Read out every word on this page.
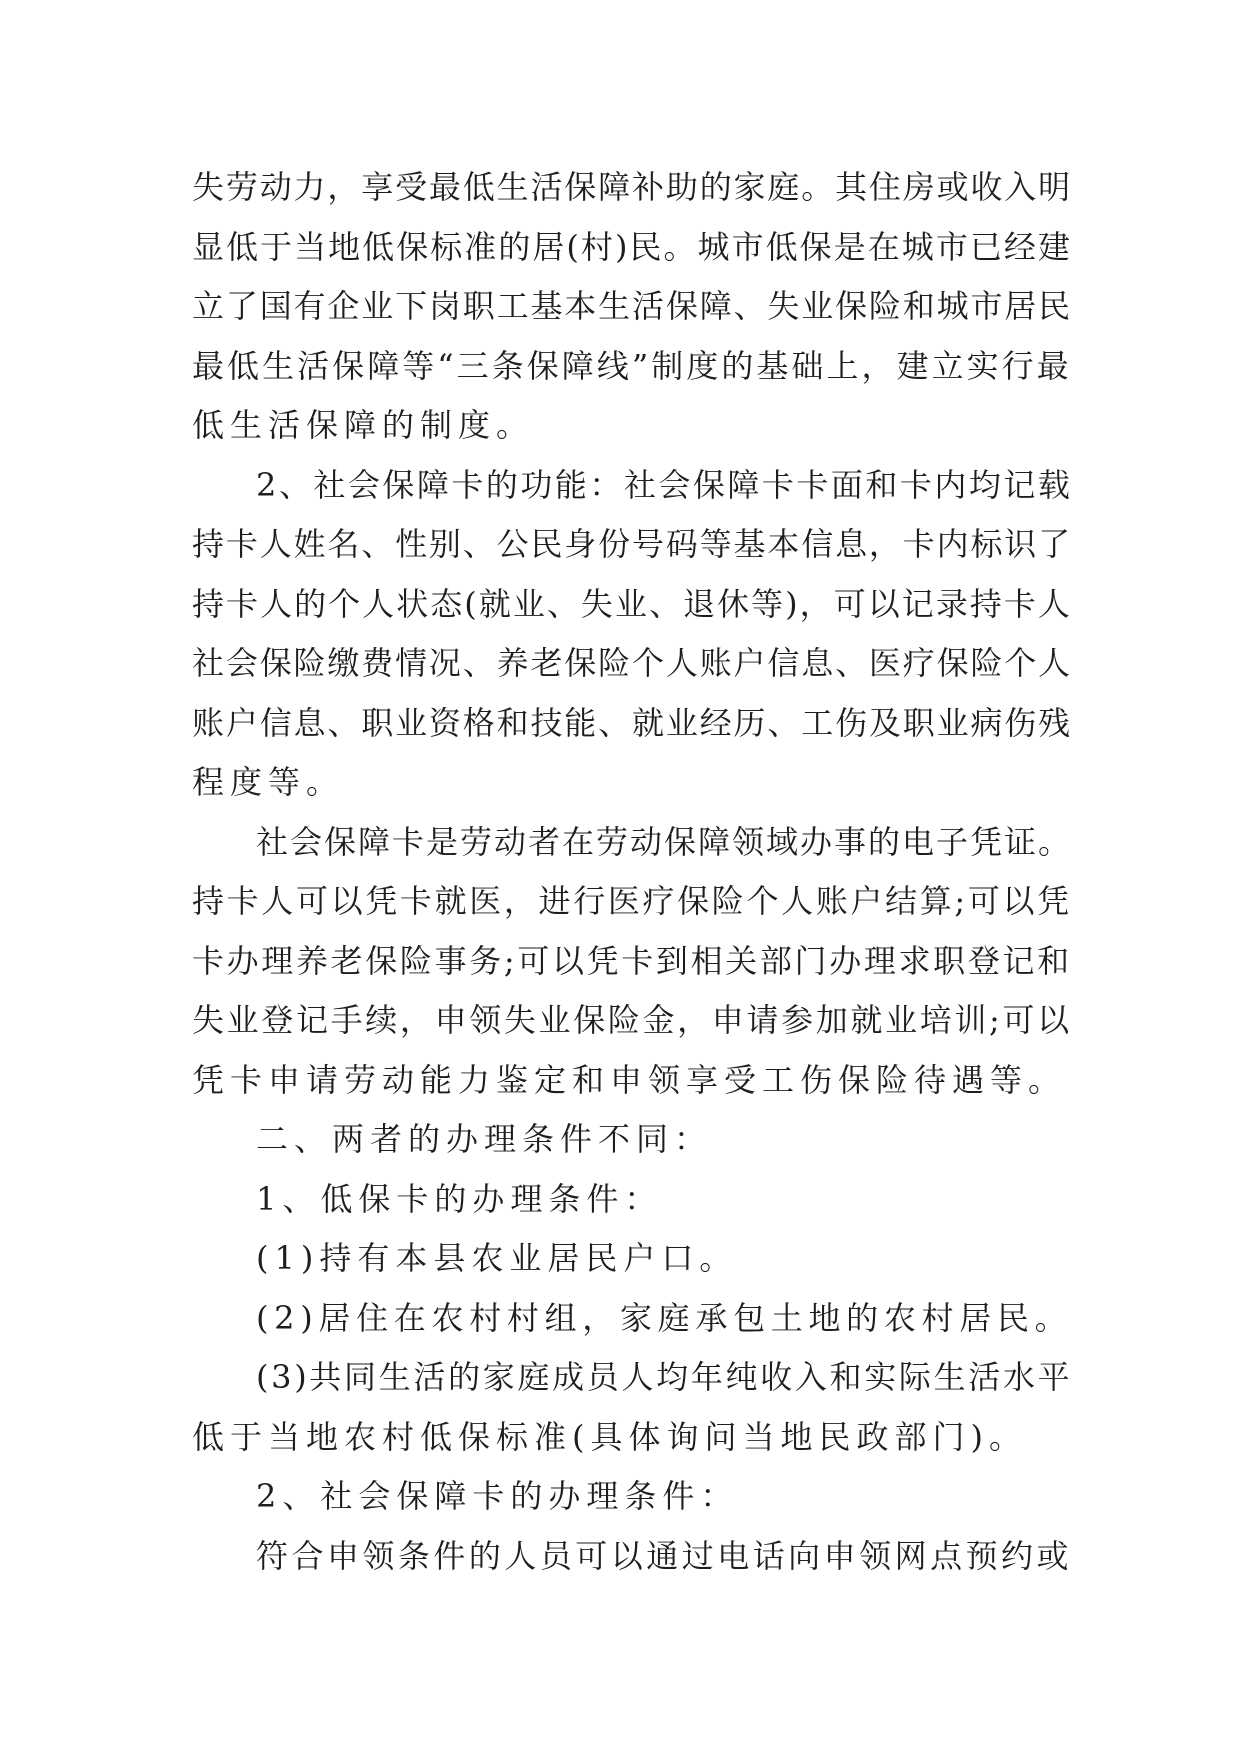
失劳动力，享受最低生活保障补助的家庭。其住房或收入明
显低于当地低保标准的居(村)民。城市低保是在城市已经建
立了国有企业下岗职工基本生活保障、失业保险和城市居民
最低生活保障等“三条保障线”制度的基础上，建立实行最
低生活保障的制度。
2、社会保障卡的功能：社会保障卡卡面和卡内均记载
持卡人姓名、性别、公民身份号码等基本信息，卡内标识了
持卡人的个人状态(就业、失业、退休等)，可以记录持卡人
社会保险缴费情况、养老保险个人账户信息、医疗保险个人
账户信息、职业资格和技能、就业经历、工伤及职业病伤残
程度等。
社会保障卡是劳动者在劳动保障领域办事的电子凭证。
持卡人可以凭卡就医，进行医疗保险个人账户结算;可以凭
卡办理养老保险事务;可以凭卡到相关部门办理求职登记和
失业登记手续，申领失业保险金，申请参加就业培训;可以
凭卡申请劳动能力鉴定和申领享受工伤保险待遇等。
二、两者的办理条件不同：
1、低保卡的办理条件：
(1)持有本县农业居民户口。
(2)居住在农村村组，家庭承包土地的农村居民。
(3)共同生活的家庭成员人均年纯收入和实际生活水平
低于当地农村低保标准(具体询问当地民政部门)。
2、社会保障卡的办理条件：
符合申领条件的人员可以通过电话向申领网点预约或
